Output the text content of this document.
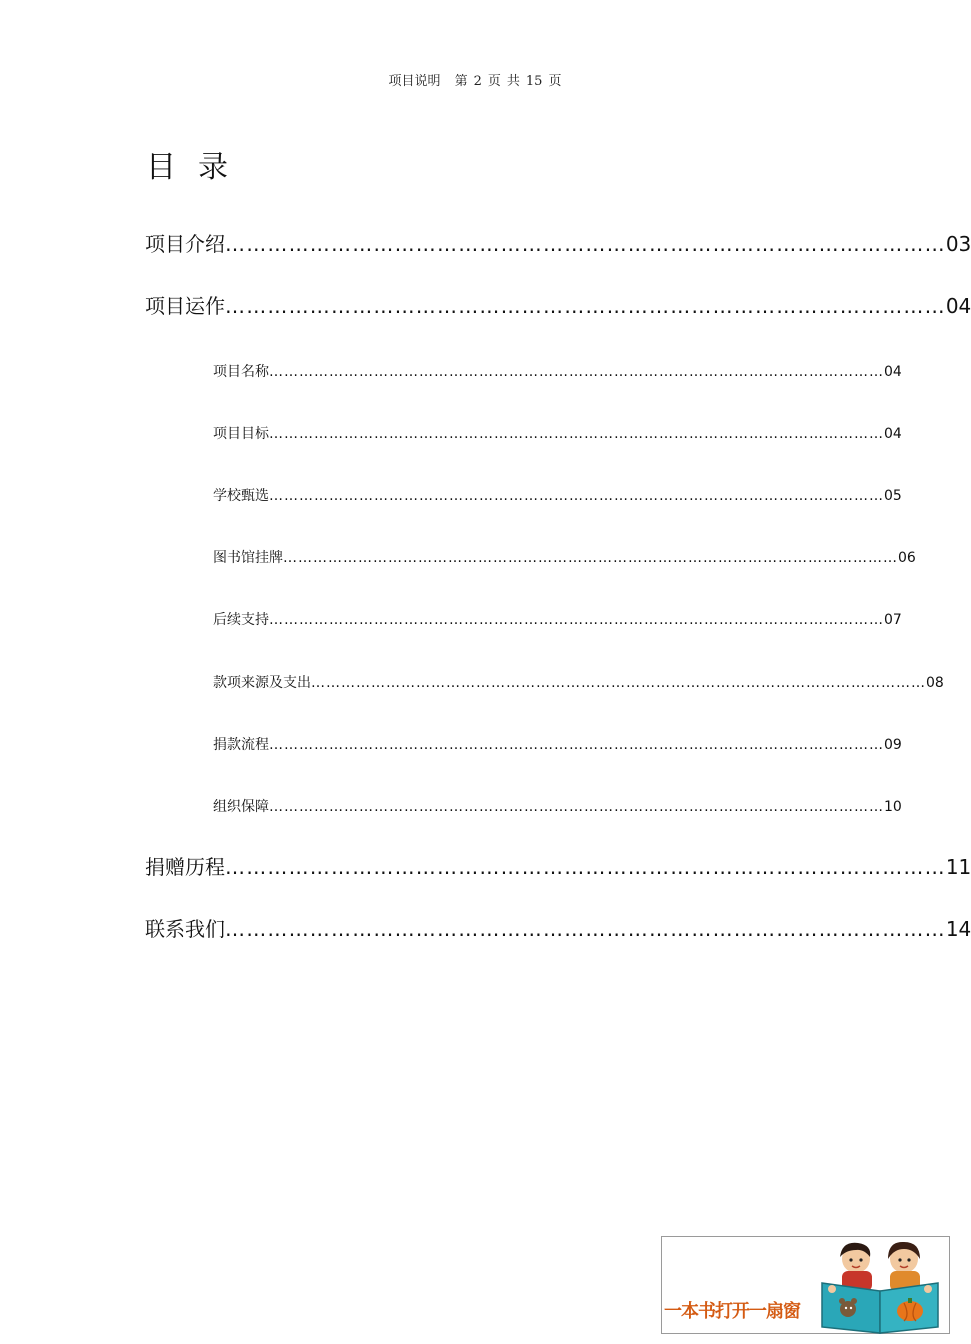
项目说明 第 2 页 共 15 页
目录
项目介绍 ………………………………………………………………………………………… 03
项目运作 ………………………………………………………………………………………… 04
项目名称 …………………………………………………………………………………………………………… 04
项目目标 …………………………………………………………………………………………………………… 04
学校甄选 …………………………………………………………………………………………………………… 05
图书馆挂牌 …………………………………………………………………………………………………………… 06
后续支持 …………………………………………………………………………………………………………… 07
款项来源及支出 …………………………………………………………………………………………………………… 08
捐款流程 …………………………………………………………………………………………………………… 09
组织保障 …………………………………………………………………………………………………………… 10
捐赠历程 ………………………………………………………………………………………… 11
联系我们 ………………………………………………………………………………………… 14
一本书打开一扇窗
